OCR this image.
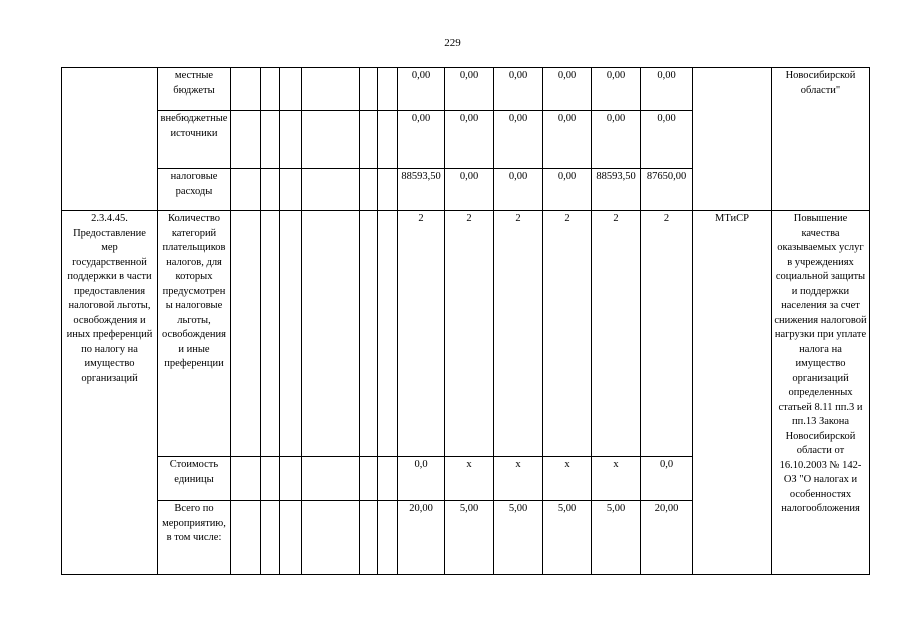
229
	местные бюджеты							0,00	0,00	0,00	0,00	0,00	0,00		Новосибирской области"
	внебюджетные источники							0,00	0,00	0,00	0,00	0,00	0,00		
	налоговые расходы							88593,50	0,00	0,00	0,00	88593,50	87650,00		
2.3.4.45. Предоставление мер государственной поддержки в части предоставления налоговой льготы, освобождения и иных преференций по налогу на имущество организаций	Количество категорий плательщиков налогов, для которых предусмотрены налоговые льготы, освобождения и иные преференции							2	2	2	2	2	2	МТиСР	Повышение качества оказываемых услуг в учреждениях социальной защиты и поддержки населения за счет снижения налоговой нагрузки при уплате налога на имущество организаций определенных статьей 8.11 пп.3 и пп.13 Закона Новосибирской области от 16.10.2003 № 142-ОЗ "О налогах и особенностях налогообложения
	Стоимость единицы							0,0	x	x	x	x	0,0		
	Всего по мероприятию, в том числе:							20,00	5,00	5,00	5,00	5,00	20,00		
